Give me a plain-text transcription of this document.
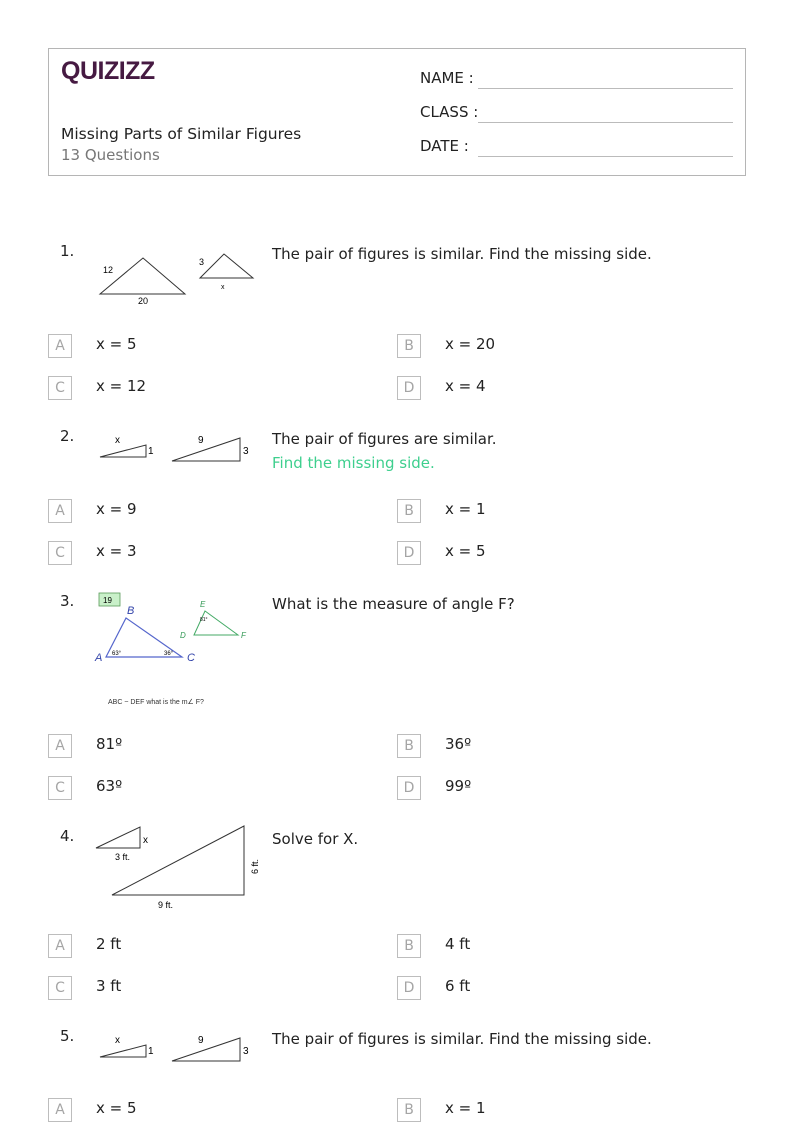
QUIZIZZ
Missing Parts of Similar Figures
13 Questions
NAME :
CLASS :
DATE :
1.
12
20
3
x
The pair of figures is similar. Find the missing side.
A	x = 5	B	x = 20
C	x = 12	D	x = 4
2.	x
1
9
3
The pair of figures are similar.
Find the missing side.
A	x = 9	B	x = 1
C	x = 3	D	x = 5
3.	19
B
A	C
63°	36°
E
D	F
81°
ABC ~ DEF what is the m∠ F?
What is the measure of angle F?
A	81º	B	36º
C	63º	D	99º
4.	x
3 ft.
6 ft.
9 ft.
Solve for X.
A	2 ft	B	4 ft
C	3 ft	D	6 ft
5.	x
1
9
3
The pair of figures is similar. Find the missing side.
A	x = 5	B	x = 1
